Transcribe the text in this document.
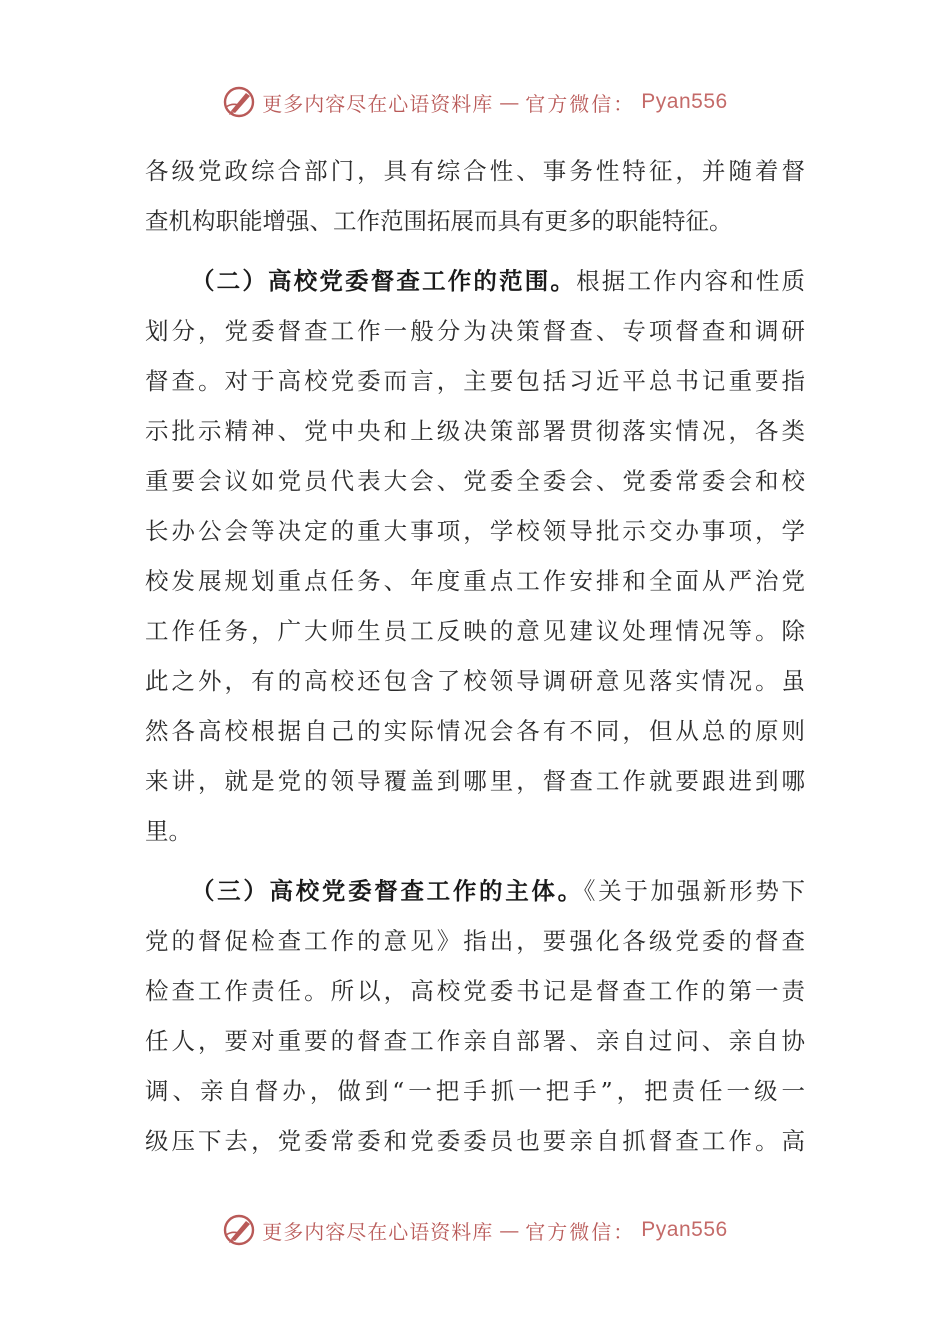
更多内容尽在心语资料库 — 官方微信： Pyan556
各级党政综合部门，具有综合性、事务性特征，并随着督
查机构职能增强、工作范围拓展而具有更多的职能特征。
（二）高校党委督查工作的范围。根据工作内容和性质
划分，党委督查工作一般分为决策督查、专项督查和调研
督查。对于高校党委而言，主要包括习近平总书记重要指
示批示精神、党中央和上级决策部署贯彻落实情况，各类
重要会议如党员代表大会、党委全委会、党委常委会和校
长办公会等决定的重大事项，学校领导批示交办事项，学
校发展规划重点任务、年度重点工作安排和全面从严治党
工作任务，广大师生员工反映的意见建议处理情况等。除
此之外，有的高校还包含了校领导调研意见落实情况。虽
然各高校根据自己的实际情况会各有不同，但从总的原则
来讲，就是党的领导覆盖到哪里，督查工作就要跟进到哪
里。
（三）高校党委督查工作的主体。《关于加强新形势下
党的督促检查工作的意见》指出，要强化各级党委的督查
检查工作责任。所以，高校党委书记是督查工作的第一责
任人，要对重要的督查工作亲自部署、亲自过问、亲自协
调、亲自督办，做到“一把手抓一把手”，把责任一级一
级压下去，党委常委和党委委员也要亲自抓督查工作。高
更多内容尽在心语资料库 — 官方微信： Pyan556
